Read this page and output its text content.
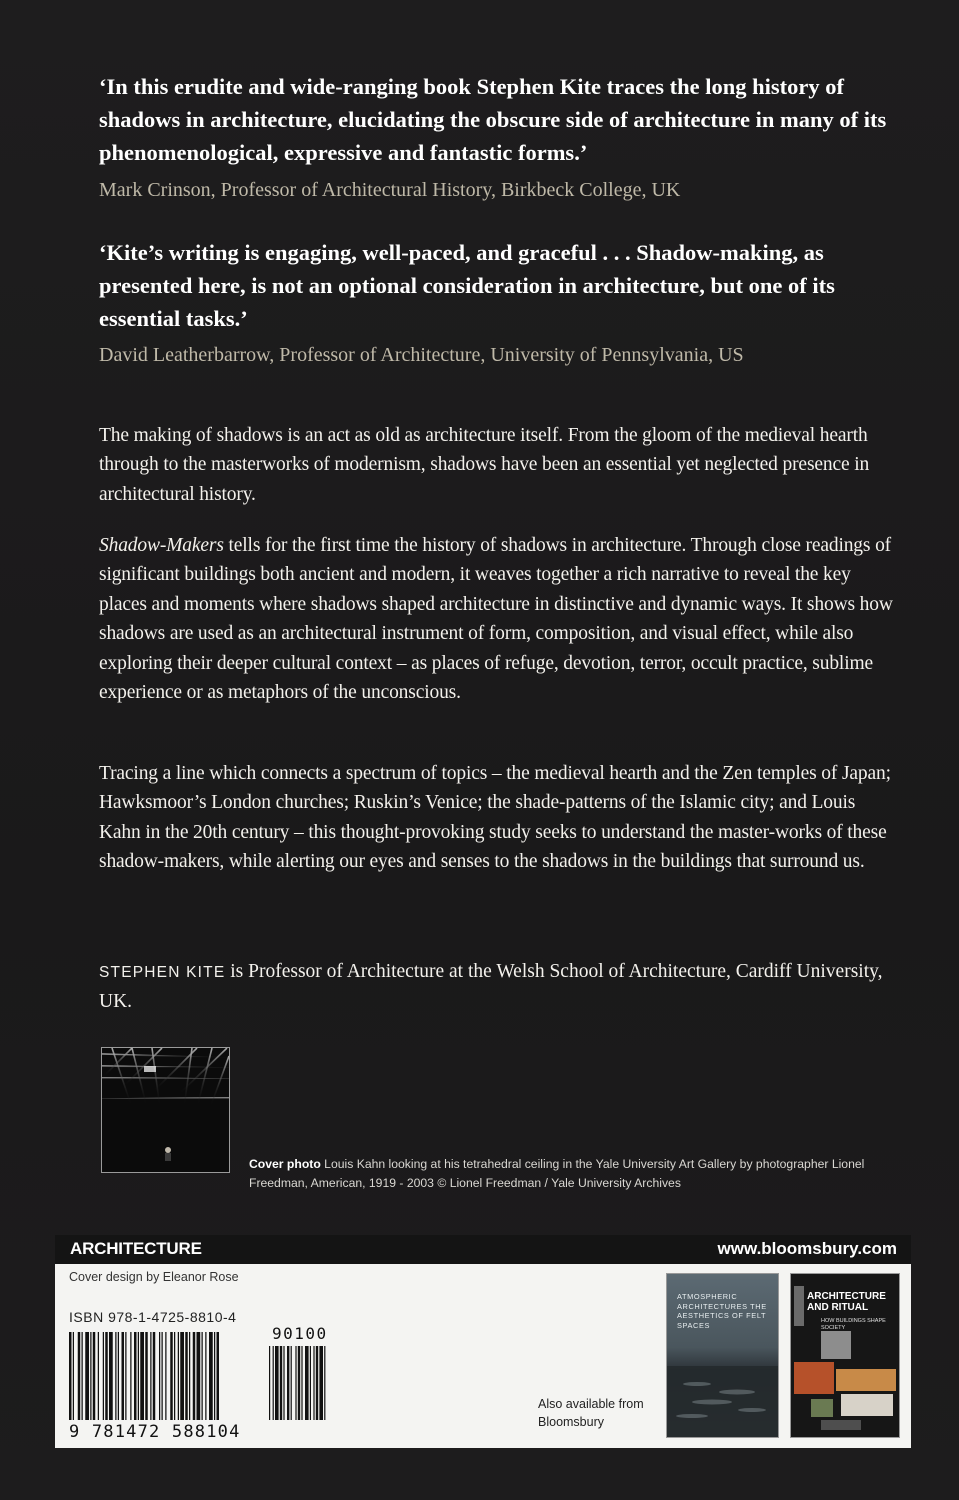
‘In this erudite and wide-ranging book Stephen Kite traces the long history of shadows in architecture, elucidating the obscure side of architecture in many of its phenomenological, expressive and fantastic forms.’
Mark Crinson, Professor of Architectural History, Birkbeck College, UK
‘Kite’s writing is engaging, well-paced, and graceful . . . Shadow-making, as presented here, is not an optional consideration in architecture, but one of its essential tasks.’
David Leatherbarrow, Professor of Architecture, University of Pennsylvania, US

The making of shadows is an act as old as architecture itself. From the gloom of the medieval hearth through to the masterworks of modernism, shadows have been an essential yet neglected presence in architectural history.

Shadow-Makers tells for the first time the history of shadows in architecture. Through close readings of significant buildings both ancient and modern, it weaves together a rich narrative to reveal the key places and moments where shadows shaped architecture in distinctive and dynamic ways. It shows how shadows are used as an architectural instrument of form, composition, and visual effect, while also exploring their deeper cultural context – as places of refuge, devotion, terror, occult practice, sublime experience or as metaphors of the unconscious.

Tracing a line which connects a spectrum of topics – the medieval hearth and the Zen temples of Japan; Hawksmoor’s London churches; Ruskin’s Venice; the shade-patterns of the Islamic city; and Louis Kahn in the 20th century – this thought-provoking study seeks to understand the master-works of these shadow-makers, while alerting our eyes and senses to the shadows in the buildings that surround us.

STEPHEN KITE is Professor of Architecture at the Welsh School of Architecture, Cardiff University, UK.
Cover photo Louis Kahn looking at his tetrahedral ceiling in the Yale University Art Gallery by photographer Lionel Freedman, American, 1919 - 2003 © Lionel Freedman / Yale University Archives
ARCHITECTURE	www.bloomsbury.com
Cover design by Eleanor Rose
ISBN 978-1-4725-8810-4
90100
9 781472 588104
Also available from Bloomsbury
ATMOSPHERIC ARCHITECTURES THE AESTHETICS OF FELT SPACES
ARCHITECTURE AND RITUAL
HOW BUILDINGS SHAPE SOCIETY
